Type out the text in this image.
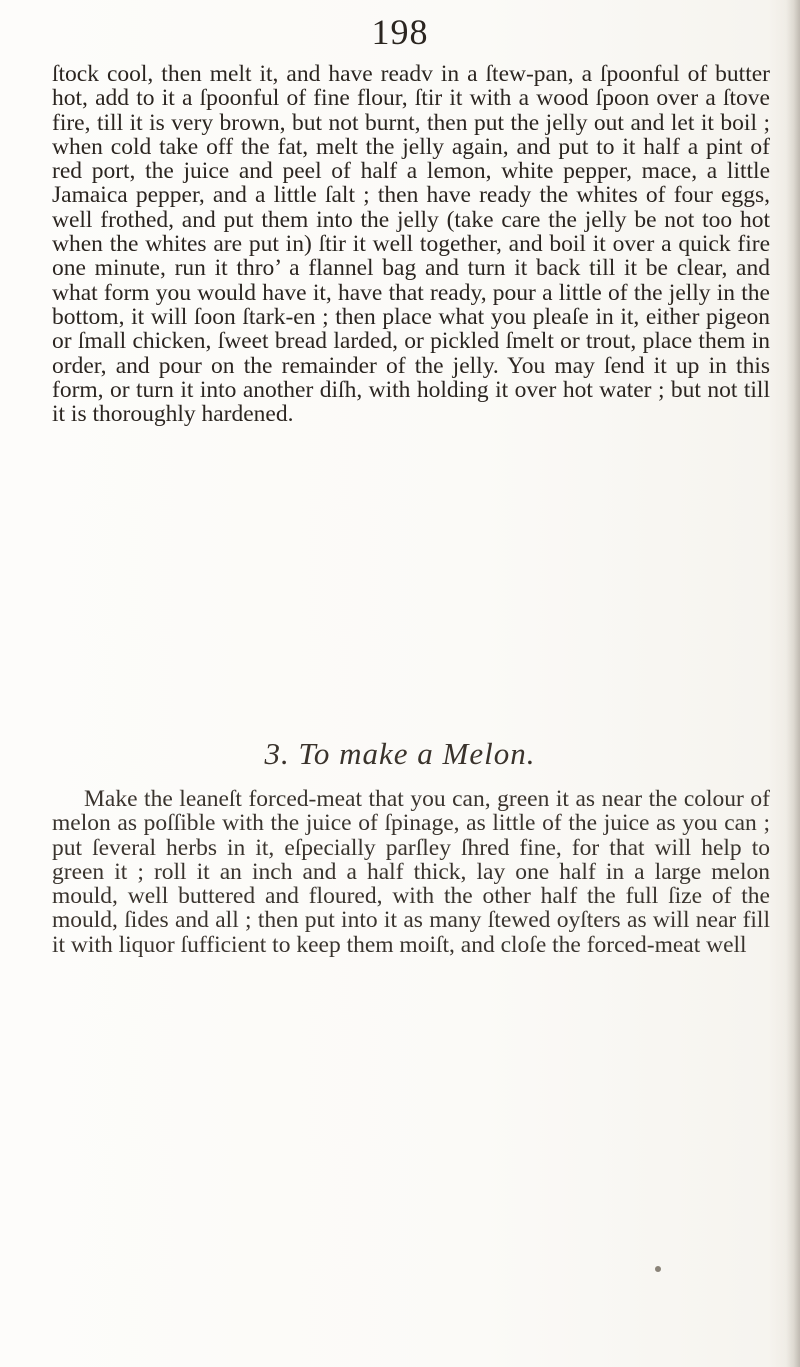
198

ſtock cool, then melt it, and have readv in a ſtew-pan, a ſpoonful of butter hot, add to it a ſpoonful of fine flour, ſtir it with a wood ſpoon over a ſtove fire, till it is very brown, but not burnt, then put the jelly out and let it boil ; when cold take off the fat, melt the jelly again, and put to it half a pint of red port, the juice and peel of half a lemon, white pepper, mace, a little Jamaica pepper, and a little ſalt ; then have ready the whites of four eggs, well frothed, and put them into the jelly (take care the jelly be not too hot when the whites are put in) ſtir it well together, and boil it over a quick fire one minute, run it thro’ a flannel bag and turn it back till it be clear, and what form you would have it, have that ready, pour a little of the jelly in the bottom, it will ſoon ſtark-en ; then place what you pleaſe in it, either pigeon or ſmall chicken, ſweet bread larded, or pickled ſmelt or trout, place them in order, and pour on the remainder of the jelly. You may ſend it up in this form, or turn it into another diſh, with holding it over hot water ; but not till it is thoroughly hardened.

3. To make a Melon.

Make the leaneſt forced-meat that you can, green it as near the colour of melon as poſſible with the juice of ſpinage, as little of the juice as you can ; put ſeveral herbs in it, eſpecially parſley ſhred fine, for that will help to green it ; roll it an inch and a half thick, lay one half in a large melon mould, well buttered and floured, with the other half the full ſize of the mould, ſides and all ; then put into it as many ſtewed oyſters as will near fill it with liquor ſufficient to keep them moiſt, and cloſe the forced-meat well
